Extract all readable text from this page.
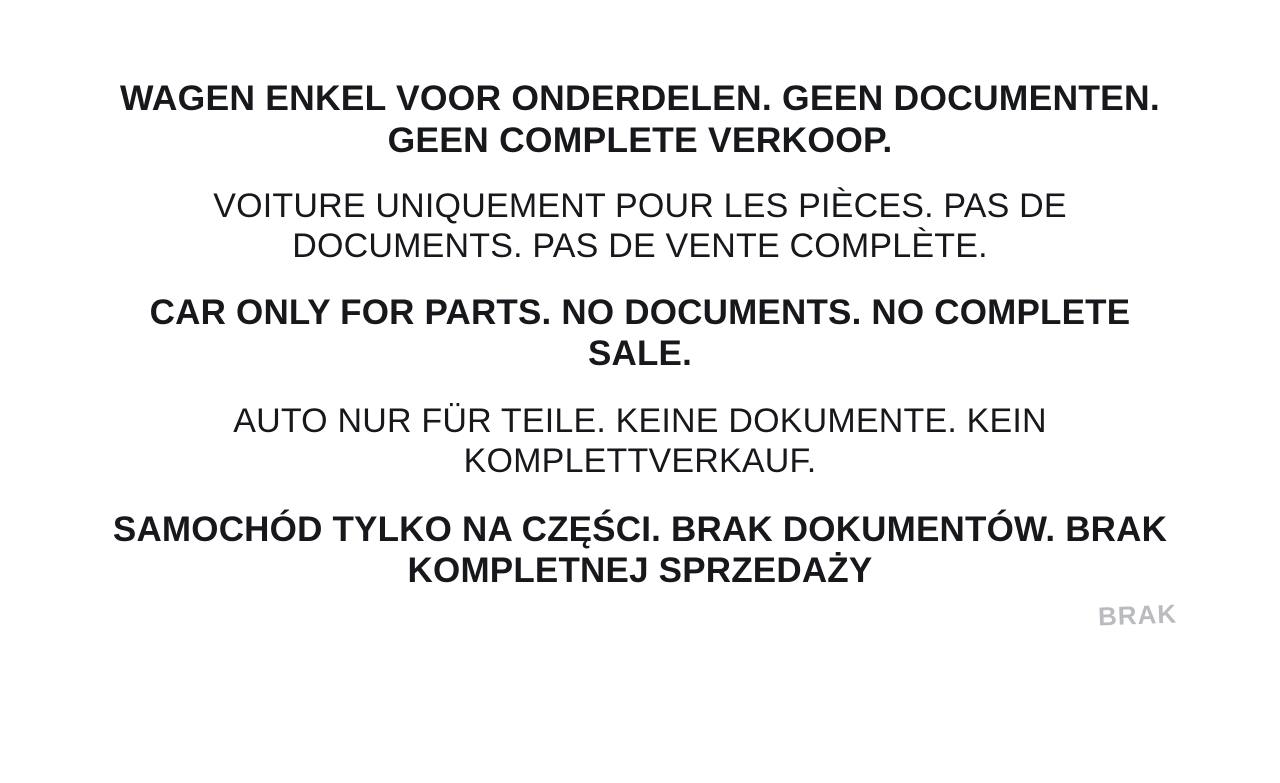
WAGEN ENKEL VOOR ONDERDELEN. GEEN DOCUMENTEN. GEEN COMPLETE VERKOOP.
VOITURE UNIQUEMENT POUR LES PIÈCES. PAS DE DOCUMENTS. PAS DE VENTE COMPLÈTE.
CAR ONLY FOR PARTS. NO DOCUMENTS. NO COMPLETE SALE.
AUTO NUR FÜR TEILE. KEINE DOKUMENTE. KEIN KOMPLETTVERKAUF.
SAMOCHÓD TYLKO NA CZĘŚCI. BRAK DOKUMENTÓW. BRAK KOMPLETNEJ SPRZEDAŻY
BRAK
